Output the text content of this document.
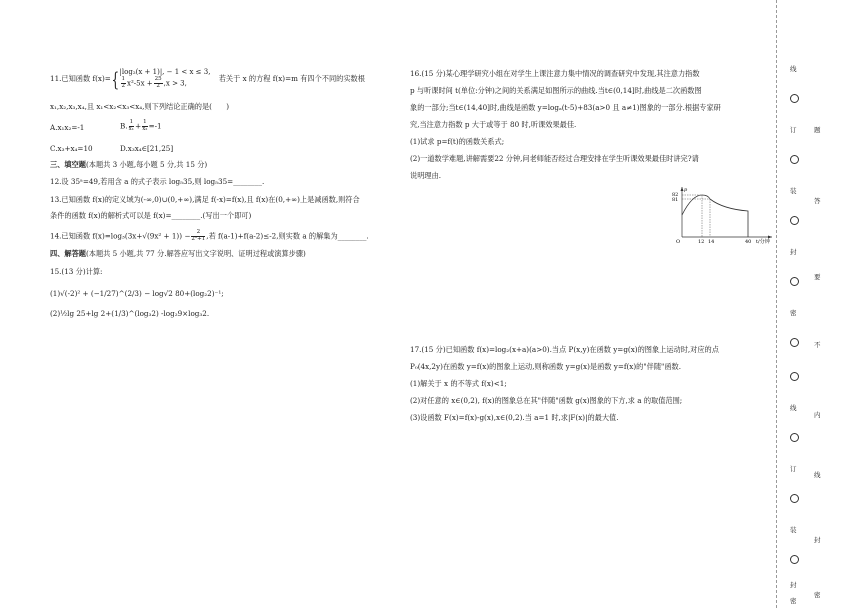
11.已知函数 f(x)={|log₂(x + 1)|, − 1 < x ≤ 3,

$\frac{1}{2} x^2-5x + \frac{25}{2} ,x > 3$, 若关于 x 的方程 f(x)=m 有四个不同的实数根
x₁,x₂,x₃,x₄,且 x₁<x₂<x₃<x₄,则下列结论正确的是(　　)
A.x₁x₂=-1	B. $\frac{1}{\text{x₁}} + \frac{1}{\text{x₂}} =-1$
C.x₃+x₄=10	D.x₃x₄∈[21,25]
三、填空题(本题共 3 小题,每小题 5 分,共 15 分)
12.设 35ᵃ=49,若用含 a 的式子表示 log₅35,则 log₅35=________.
13.已知函数 f(x)的定义域为(-∞,0)∪(0,+∞),满足 f(-x)=f(x),且 f(x)在(0,+∞)上是减函数,则符合
条件的函数 f(x)的解析式可以是 f(x)=________.(写出一个即可)
14.已知函数 $f(x)=\log_3(3x+√(9x^2 + 1)) - \frac{2}{\text{2ˣ+1}}$ ,若 f(a-1)+f(a-2)≤-2,则实数 a 的解集为________.
四、解答题(本题共 5 小题,共 77 分.解答应写出文字说明、证明过程或演算步骤)
15.(13 分)计算:
(1)√(-2)² + (−1/27)^(2/3) − log√2 80+(log₂2)⁻¹;
(2)½lg 25+lg 2+(1/3)^(log₃2) -log₂9×log₃2.
16.(15 分)某心理学研究小组在对学生上课注意力集中情况的调查研究中发现,其注意力指数
p 与听课时间 t(单位:分钟)之间的关系满足如图所示的曲线.当t∈(0,14]时,曲线是二次函数图
象的一部分;当t∈(14,40]时,曲线是函数 y=logₐ(t-5)+83(a>0 且 a≠1)图象的一部分.根据专家研
究,当注意力指数 p 大于或等于 80 时,听课效果最佳.
(1)试求 p=f(t)的函数关系式;
(2)一道数学难题,讲解需要22 分钟,问老师能否经过合理安排在学生听课效果最佳时讲完?请
说明理由.
17.(15 分)已知函数 f(x)=log₂(x+a)(a>0).当点 P(x,y)在函数 y=g(x)的图象上运动时,对应的点
P₀(4x,2y)在函数 y=f(x)的图象上运动,则称函数 y=g(x)是函数 y=f(x)的"伴随"函数.
(1)解关于 x 的不等式 f(x)<1;
(2)对任意的 x∈(0,2), f(x)的图象总在其"伴随"函数 g(x)图象的下方,求 a 的取值范围;
(3)设函数 F(x)=f(x)-g(x),x∈(0,2).当 a=1 时,求|F(x)|的最大值.
p
82
81
O	12 14	40 t/分钟
线
订
装
封
密
线
订
装
封
密
题
答
要
不
内
线
封
密
